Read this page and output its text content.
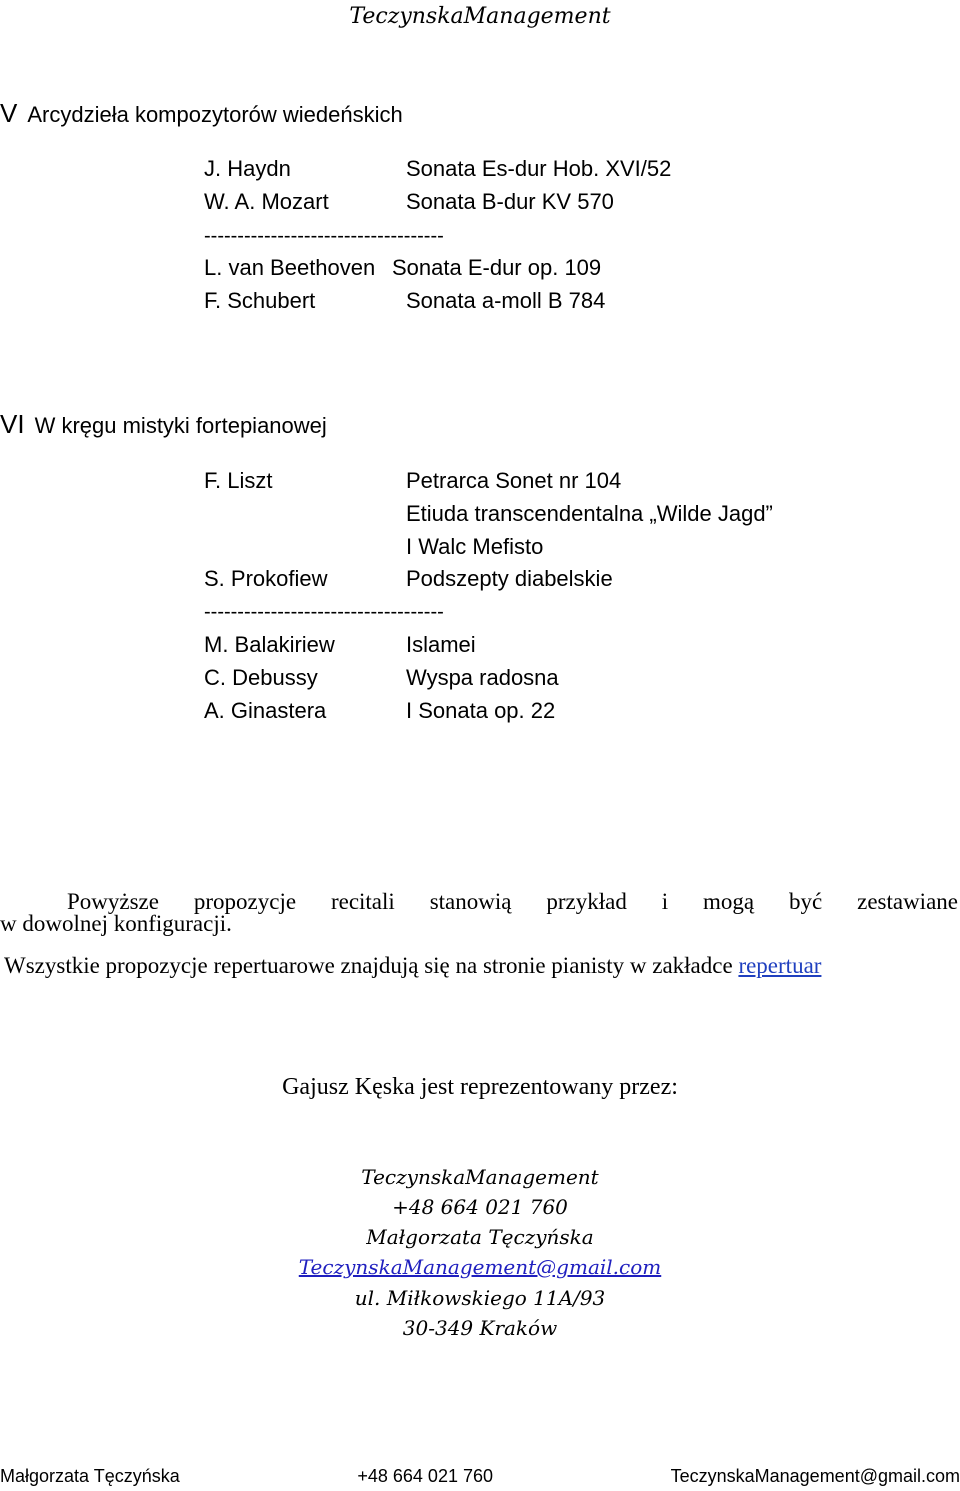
TeczynskaManagement
V Arcydzieła kompozytorów wiedeńskich
J. Haydn	Sonata Es-dur Hob. XVI/52
W. A. Mozart	Sonata B-dur KV 570
------------------------------------
L. van Beethoven Sonata E-dur op. 109
F. Schubert	Sonata a-moll B 784
VI W kręgu mistyki fortepianowej
F. Liszt	Petrarca Sonet nr 104
Etiuda transcendentalna „Wilde Jagd”
I Walc Mefisto
S. Prokofiew	Podszepty diabelskie
------------------------------------
M. Balakiriew	Islamei
C. Debussy	Wyspa radosna
A. Ginastera	I Sonata op. 22
Powyższe propozycje recitali stanowią przykład i mogą być zestawiane
w dowolnej konfiguracji.
Wszystkie propozycje repertuarowe znajdują się na stronie pianisty w zakładce repertuar
Gajusz Kęska jest reprezentowany przez:
TeczynskaManagement
+48 664 021 760
Małgorzata Tęczyńska
TeczynskaManagement@gmail.com
ul. Miłkowskiego 11A/93
30-349 Kraków
Małgorzata Tęczyńska	+48 664 021 760	TeczynskaManagement@gmail.com
